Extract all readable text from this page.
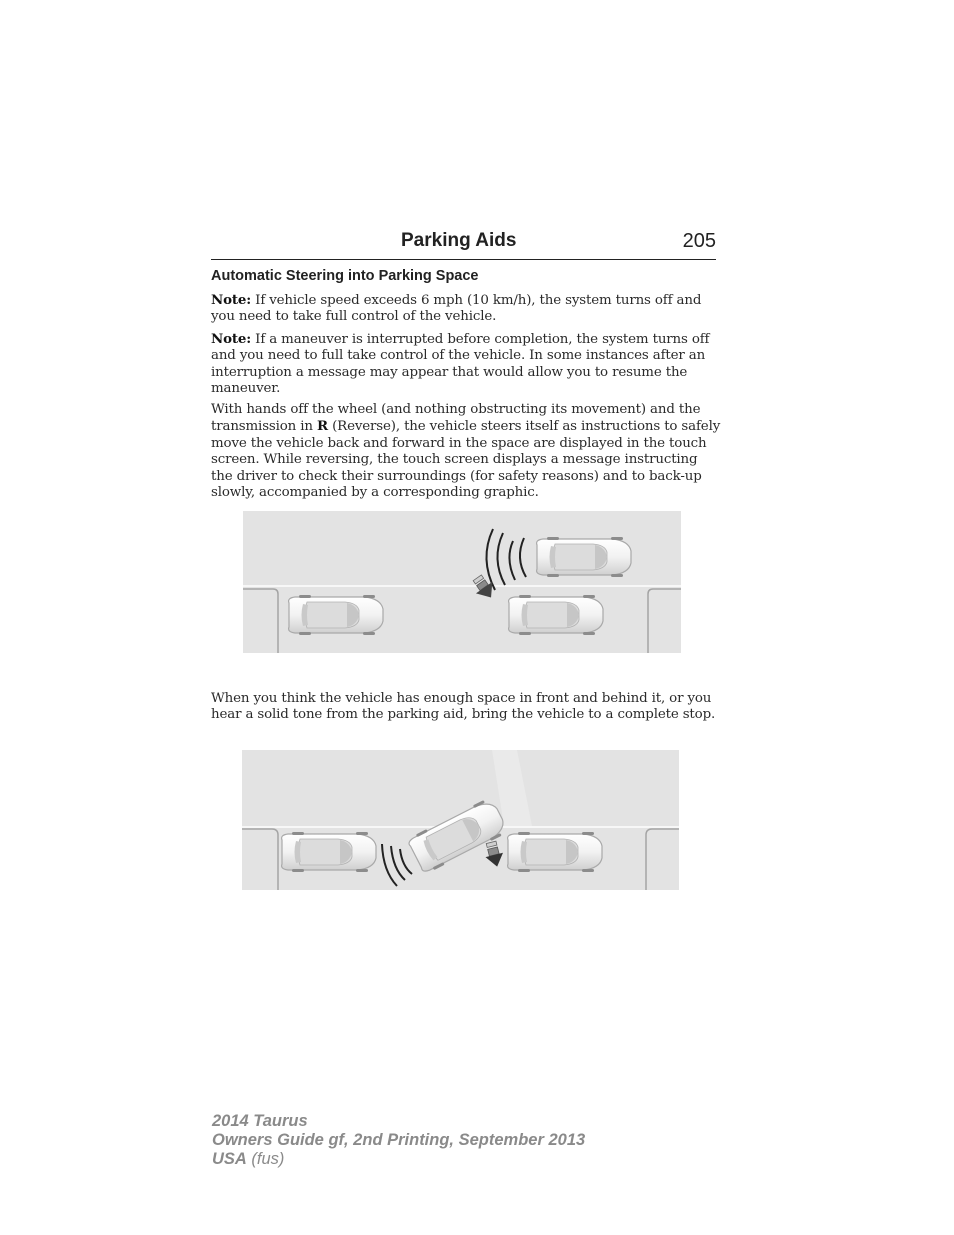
Parking Aids	205
Automatic Steering into Parking Space
Note: If vehicle speed exceeds 6 mph (10 km/h), the system turns off and you need to take full control of the vehicle.
Note: If a maneuver is interrupted before completion, the system turns off and you need to full take control of the vehicle. In some instances after an interruption a message may appear that would allow you to resume the maneuver.
With hands off the wheel (and nothing obstructing its movement) and the transmission in R (Reverse), the vehicle steers itself as instructions to safely move the vehicle back and forward in the space are displayed in the touch screen. While reversing, the touch screen displays a message instructing the driver to check their surroundings (for safety reasons) and to back-up slowly, accompanied by a corresponding graphic.
When you think the vehicle has enough space in front and behind it, or you hear a solid tone from the parking aid, bring the vehicle to a complete stop.
2014 Taurus
Owners Guide gf, 2nd Printing, September 2013
USA (fus)
